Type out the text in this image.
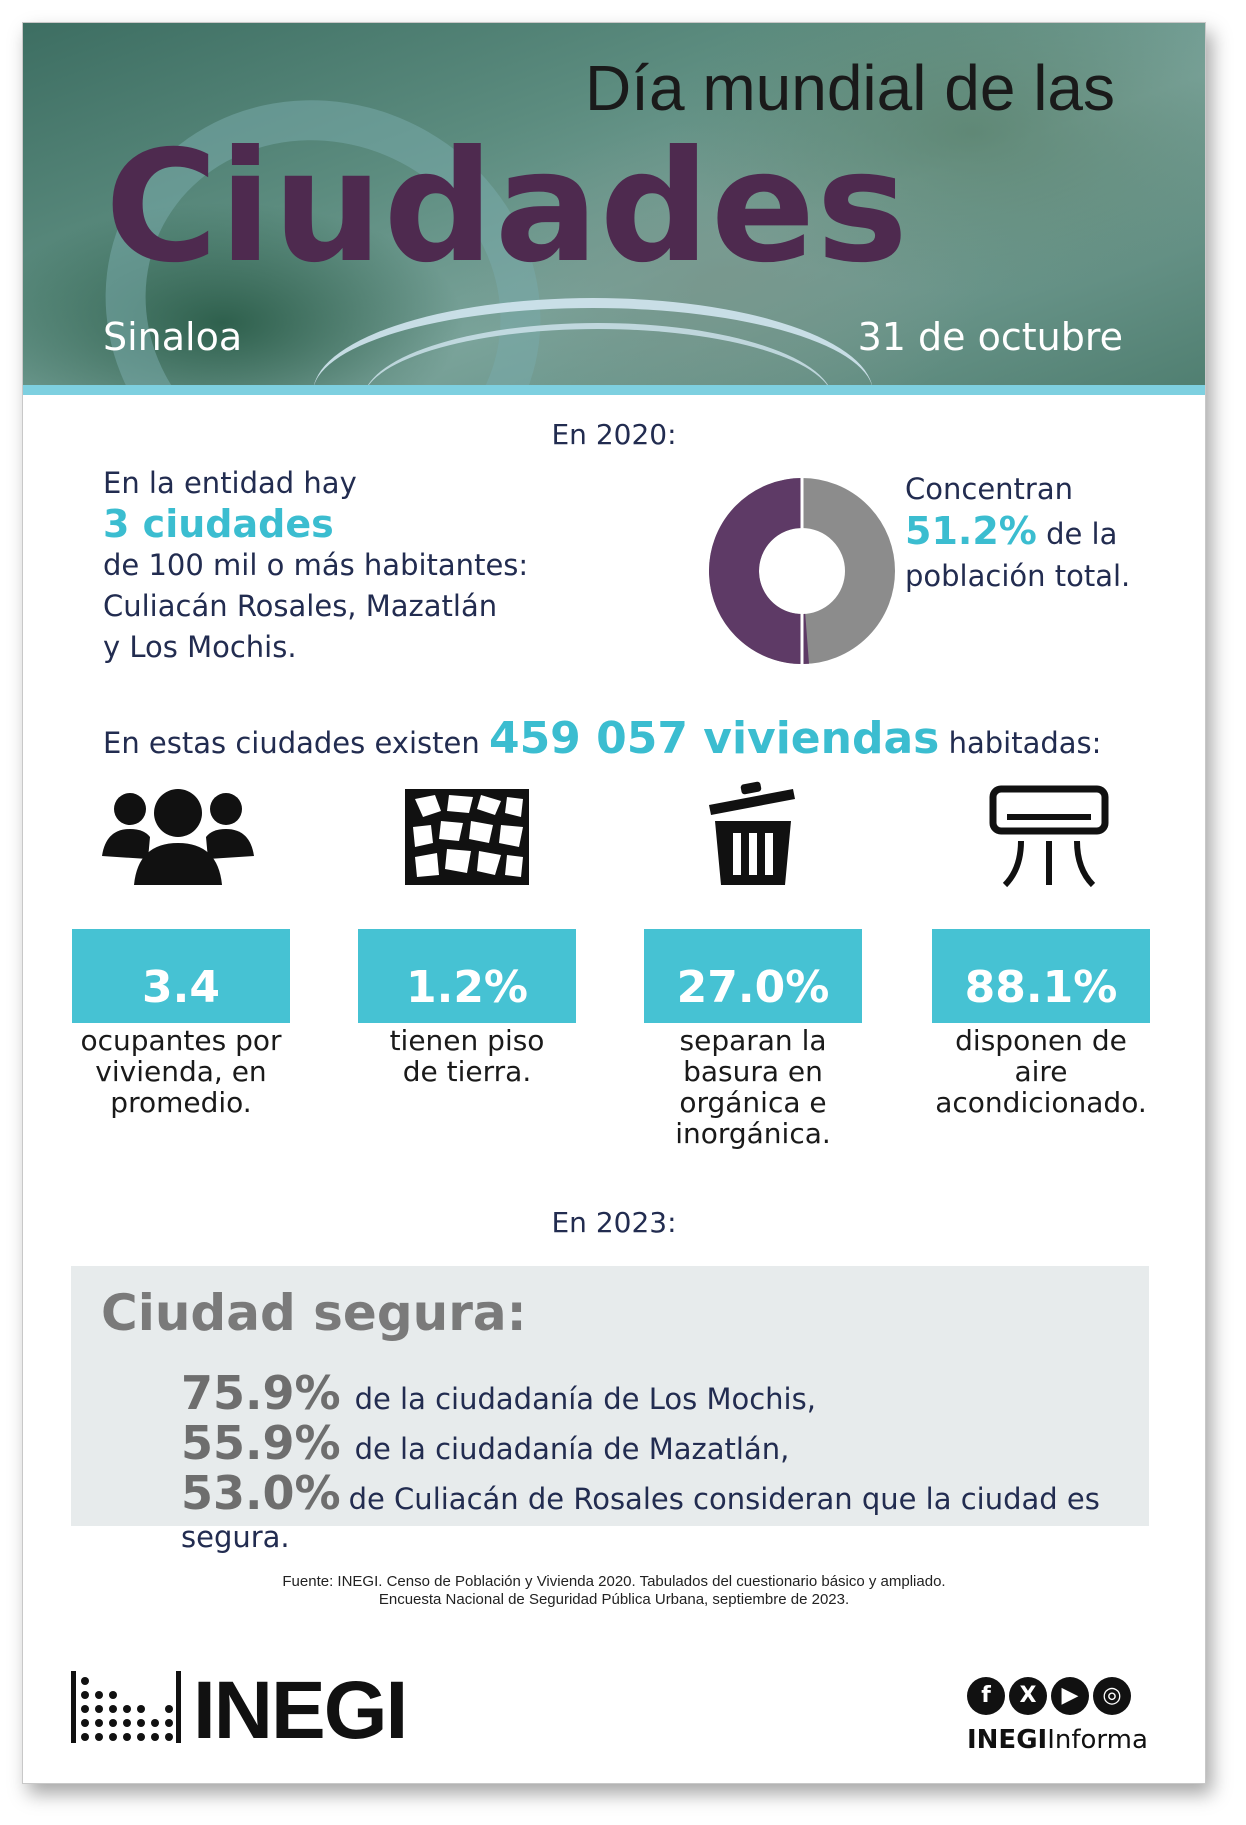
Día mundial de las
Ciudades
Sinaloa	31 de octubre
En 2020:
En la entidad hay
3 ciudades
de 100 mil o más habitantes:
Culiacán Rosales, Mazatlán
y Los Mochis.
Concentran
51.2% de la
población total.
En estas ciudades existen 459 057 viviendas habitadas:
3.4	1.2%	27.0%	88.1%
ocupantes por vivienda, en promedio.
tienen piso de tierra.
separan la basura en orgánica e inorgánica.
disponen de aire acondicionado.
En 2023:
Ciudad segura:
75.9% de la ciudadanía de Los Mochis,
55.9% de la ciudadanía de Mazatlán,
53.0% de Culiacán de Rosales consideran que la ciudad es segura.
Fuente: INEGI. Censo de Población y Vivienda 2020. Tabulados del cuestionario básico y ampliado.
Encuesta Nacional de Seguridad Pública Urbana, septiembre de 2023.
INEGI	f X ▶ ◎
INEGIInforma
